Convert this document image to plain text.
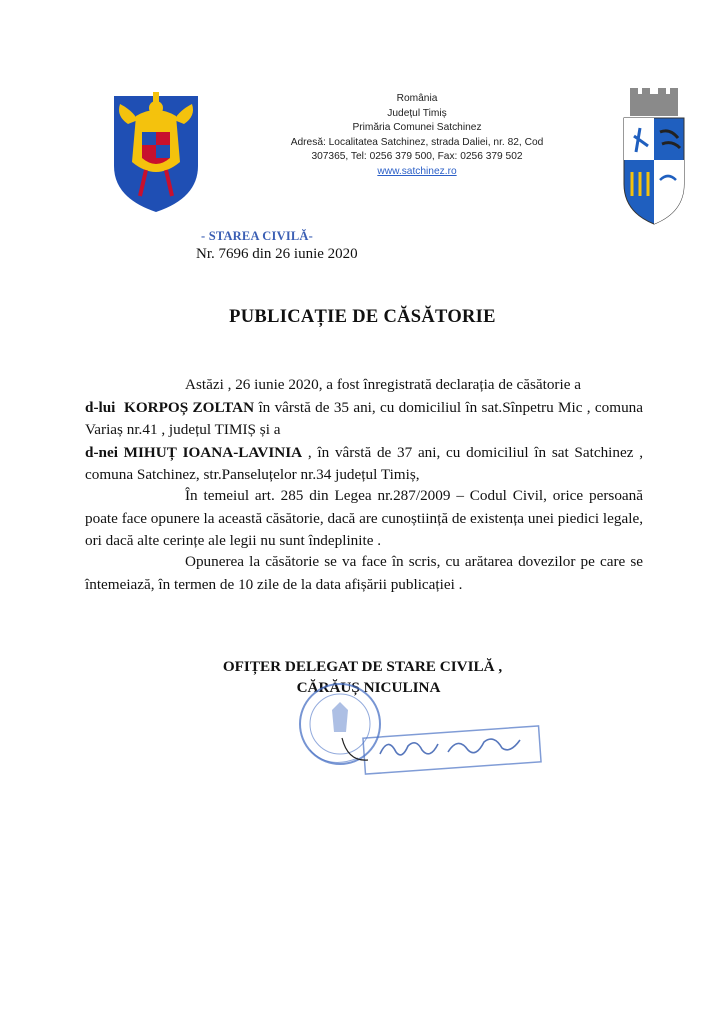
România
Județul Timiș
Primăria Comunei Satchinez
Adresă: Localitatea Satchinez, strada Daliei, nr. 82, Cod
307365, Tel: 0256 379 500, Fax: 0256 379 502
www.satchinez.ro
- STAREA CIVILĂ-
Nr. 7696 din 26 iunie 2020
PUBLICAȚIE DE CĂSĂTORIE
Astăzi , 26 iunie 2020, a fost înregistrată declarația de căsătorie a
d-lui KORPOȘ ZOLTAN în vârstă de 35 ani, cu domiciliul în sat.Sînpetru Mic , comuna Variaș nr.41 , județul TIMIȘ și a
d-nei MIHUȚ IOANA-LAVINIA , în vârstă de 37 ani, cu domiciliul în sat Satchinez , comuna Satchinez, str.Panseluțelor nr.34 județul Timiș,
În temeiul art. 285 din Legea nr.287/2009 – Codul Civil, orice persoană poate face opunere la această căsătorie, dacă are cunoștiință de existența unei piedici legale, ori dacă alte cerințe ale legii nu sunt îndeplinite .
Opunerea la căsătorie se va face în scris, cu arătarea dovezilor pe care se întemeiază, în termen de 10 zile de la data afișării publicației .
OFIȚER DELEGAT DE STARE CIVILĂ ,
CĂRĂUȘ NICULINA
